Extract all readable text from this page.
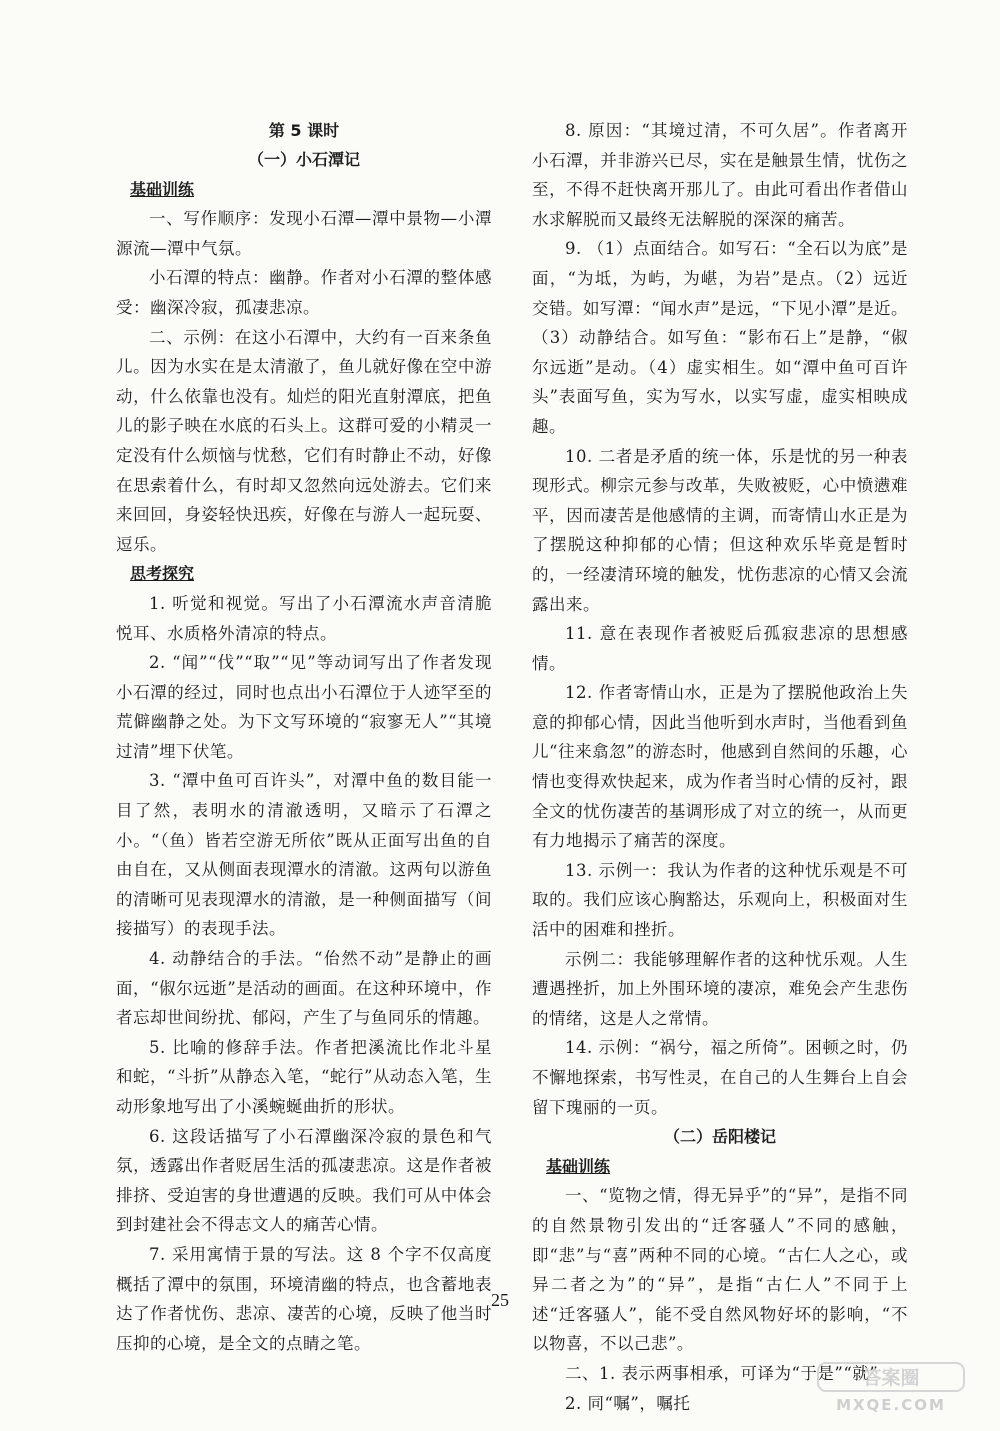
第 5 课时

（一）小石潭记

基础训练

一、写作顺序：发现小石潭—潭中景物—小潭源流—潭中气氛。

小石潭的特点：幽静。作者对小石潭的整体感受：幽深冷寂，孤凄悲凉。

二、示例：在这小石潭中，大约有一百来条鱼儿。因为水实在是太清澈了，鱼儿就好像在空中游动，什么依靠也没有。灿烂的阳光直射潭底，把鱼儿的影子映在水底的石头上。这群可爱的小精灵一定没有什么烦恼与忧愁，它们有时静止不动，好像在思索着什么，有时却又忽然向远处游去。它们来来回回，身姿轻快迅疾，好像在与游人一起玩耍、逗乐。

思考探究

1. 听觉和视觉。写出了小石潭流水声音清脆悦耳、水质格外清凉的特点。

2. “闻”“伐”“取”“见”等动词写出了作者发现小石潭的经过，同时也点出小石潭位于人迹罕至的荒僻幽静之处。为下文写环境的“寂寥无人”“其境过清”埋下伏笔。

3. “潭中鱼可百许头”，对潭中鱼的数目能一目了然，表明水的清澈透明，又暗示了石潭之小。“（鱼）皆若空游无所依”既从正面写出鱼的自由自在，又从侧面表现潭水的清澈。这两句以游鱼的清晰可见表现潭水的清澈，是一种侧面描写（间接描写）的表现手法。

4. 动静结合的手法。“佁然不动”是静止的画面，“俶尔远逝”是活动的画面。在这种环境中，作者忘却世间纷扰、郁闷，产生了与鱼同乐的情趣。

5. 比喻的修辞手法。作者把溪流比作北斗星和蛇，“斗折”从静态入笔，“蛇行”从动态入笔，生动形象地写出了小溪蜿蜒曲折的形状。

6. 这段话描写了小石潭幽深冷寂的景色和气氛，透露出作者贬居生活的孤凄悲凉。这是作者被排挤、受迫害的身世遭遇的反映。我们可从中体会到封建社会不得志文人的痛苦心情。

7. 采用寓情于景的写法。这 8 个字不仅高度概括了潭中的氛围，环境清幽的特点，也含蓄地表达了作者忧伤、悲凉、凄苦的心境，反映了他当时压抑的心境，是全文的点睛之笔。

8. 原因：“其境过清，不可久居”。作者离开小石潭，并非游兴已尽，实在是触景生情，忧伤之至，不得不赶快离开那儿了。由此可看出作者借山水求解脱而又最终无法解脱的深深的痛苦。

9. （1）点面结合。如写石：“全石以为底”是面，“为坻，为屿，为嵁，为岩”是点。（2）远近交错。如写潭：“闻水声”是远，“下见小潭”是近。（3）动静结合。如写鱼：“影布石上”是静，“俶尔远逝”是动。（4）虚实相生。如“潭中鱼可百许头”表面写鱼，实为写水，以实写虚，虚实相映成趣。

10. 二者是矛盾的统一体，乐是忧的另一种表现形式。柳宗元参与改革，失败被贬，心中愤懑难平，因而凄苦是他感情的主调，而寄情山水正是为了摆脱这种抑郁的心情；但这种欢乐毕竟是暂时的，一经凄清环境的触发，忧伤悲凉的心情又会流露出来。

11. 意在表现作者被贬后孤寂悲凉的思想感情。

12. 作者寄情山水，正是为了摆脱他政治上失意的抑郁心情，因此当他听到水声时，当他看到鱼儿“往来翕忽”的游态时，他感到自然间的乐趣，心情也变得欢快起来，成为作者当时心情的反衬，跟全文的忧伤凄苦的基调形成了对立的统一，从而更有力地揭示了痛苦的深度。

13. 示例一：我认为作者的这种忧乐观是不可取的。我们应该心胸豁达，乐观向上，积极面对生活中的困难和挫折。

示例二：我能够理解作者的这种忧乐观。人生遭遇挫折，加上外围环境的凄凉，难免会产生悲伤的情绪，这是人之常情。

14. 示例：“祸兮，福之所倚”。困顿之时，仍不懈地探索，书写性灵，在自己的人生舞台上自会留下瑰丽的一页。

（二）岳阳楼记

基础训练

一、“览物之情，得无异乎”的“异”，是指不同的自然景物引发出的“迁客骚人”不同的感触，即“悲”与“喜”两种不同的心境。“古仁人之心，或异二者之为”的“异”，是指“古仁人”不同于上述“迁客骚人”，能不受自然风物好坏的影响，“不以物喜，不以己悲”。

二、1. 表示两事相承，可译为“于是”“就”

2. 同“嘱”，嘱托

25
答案圈
MXQE.COM
